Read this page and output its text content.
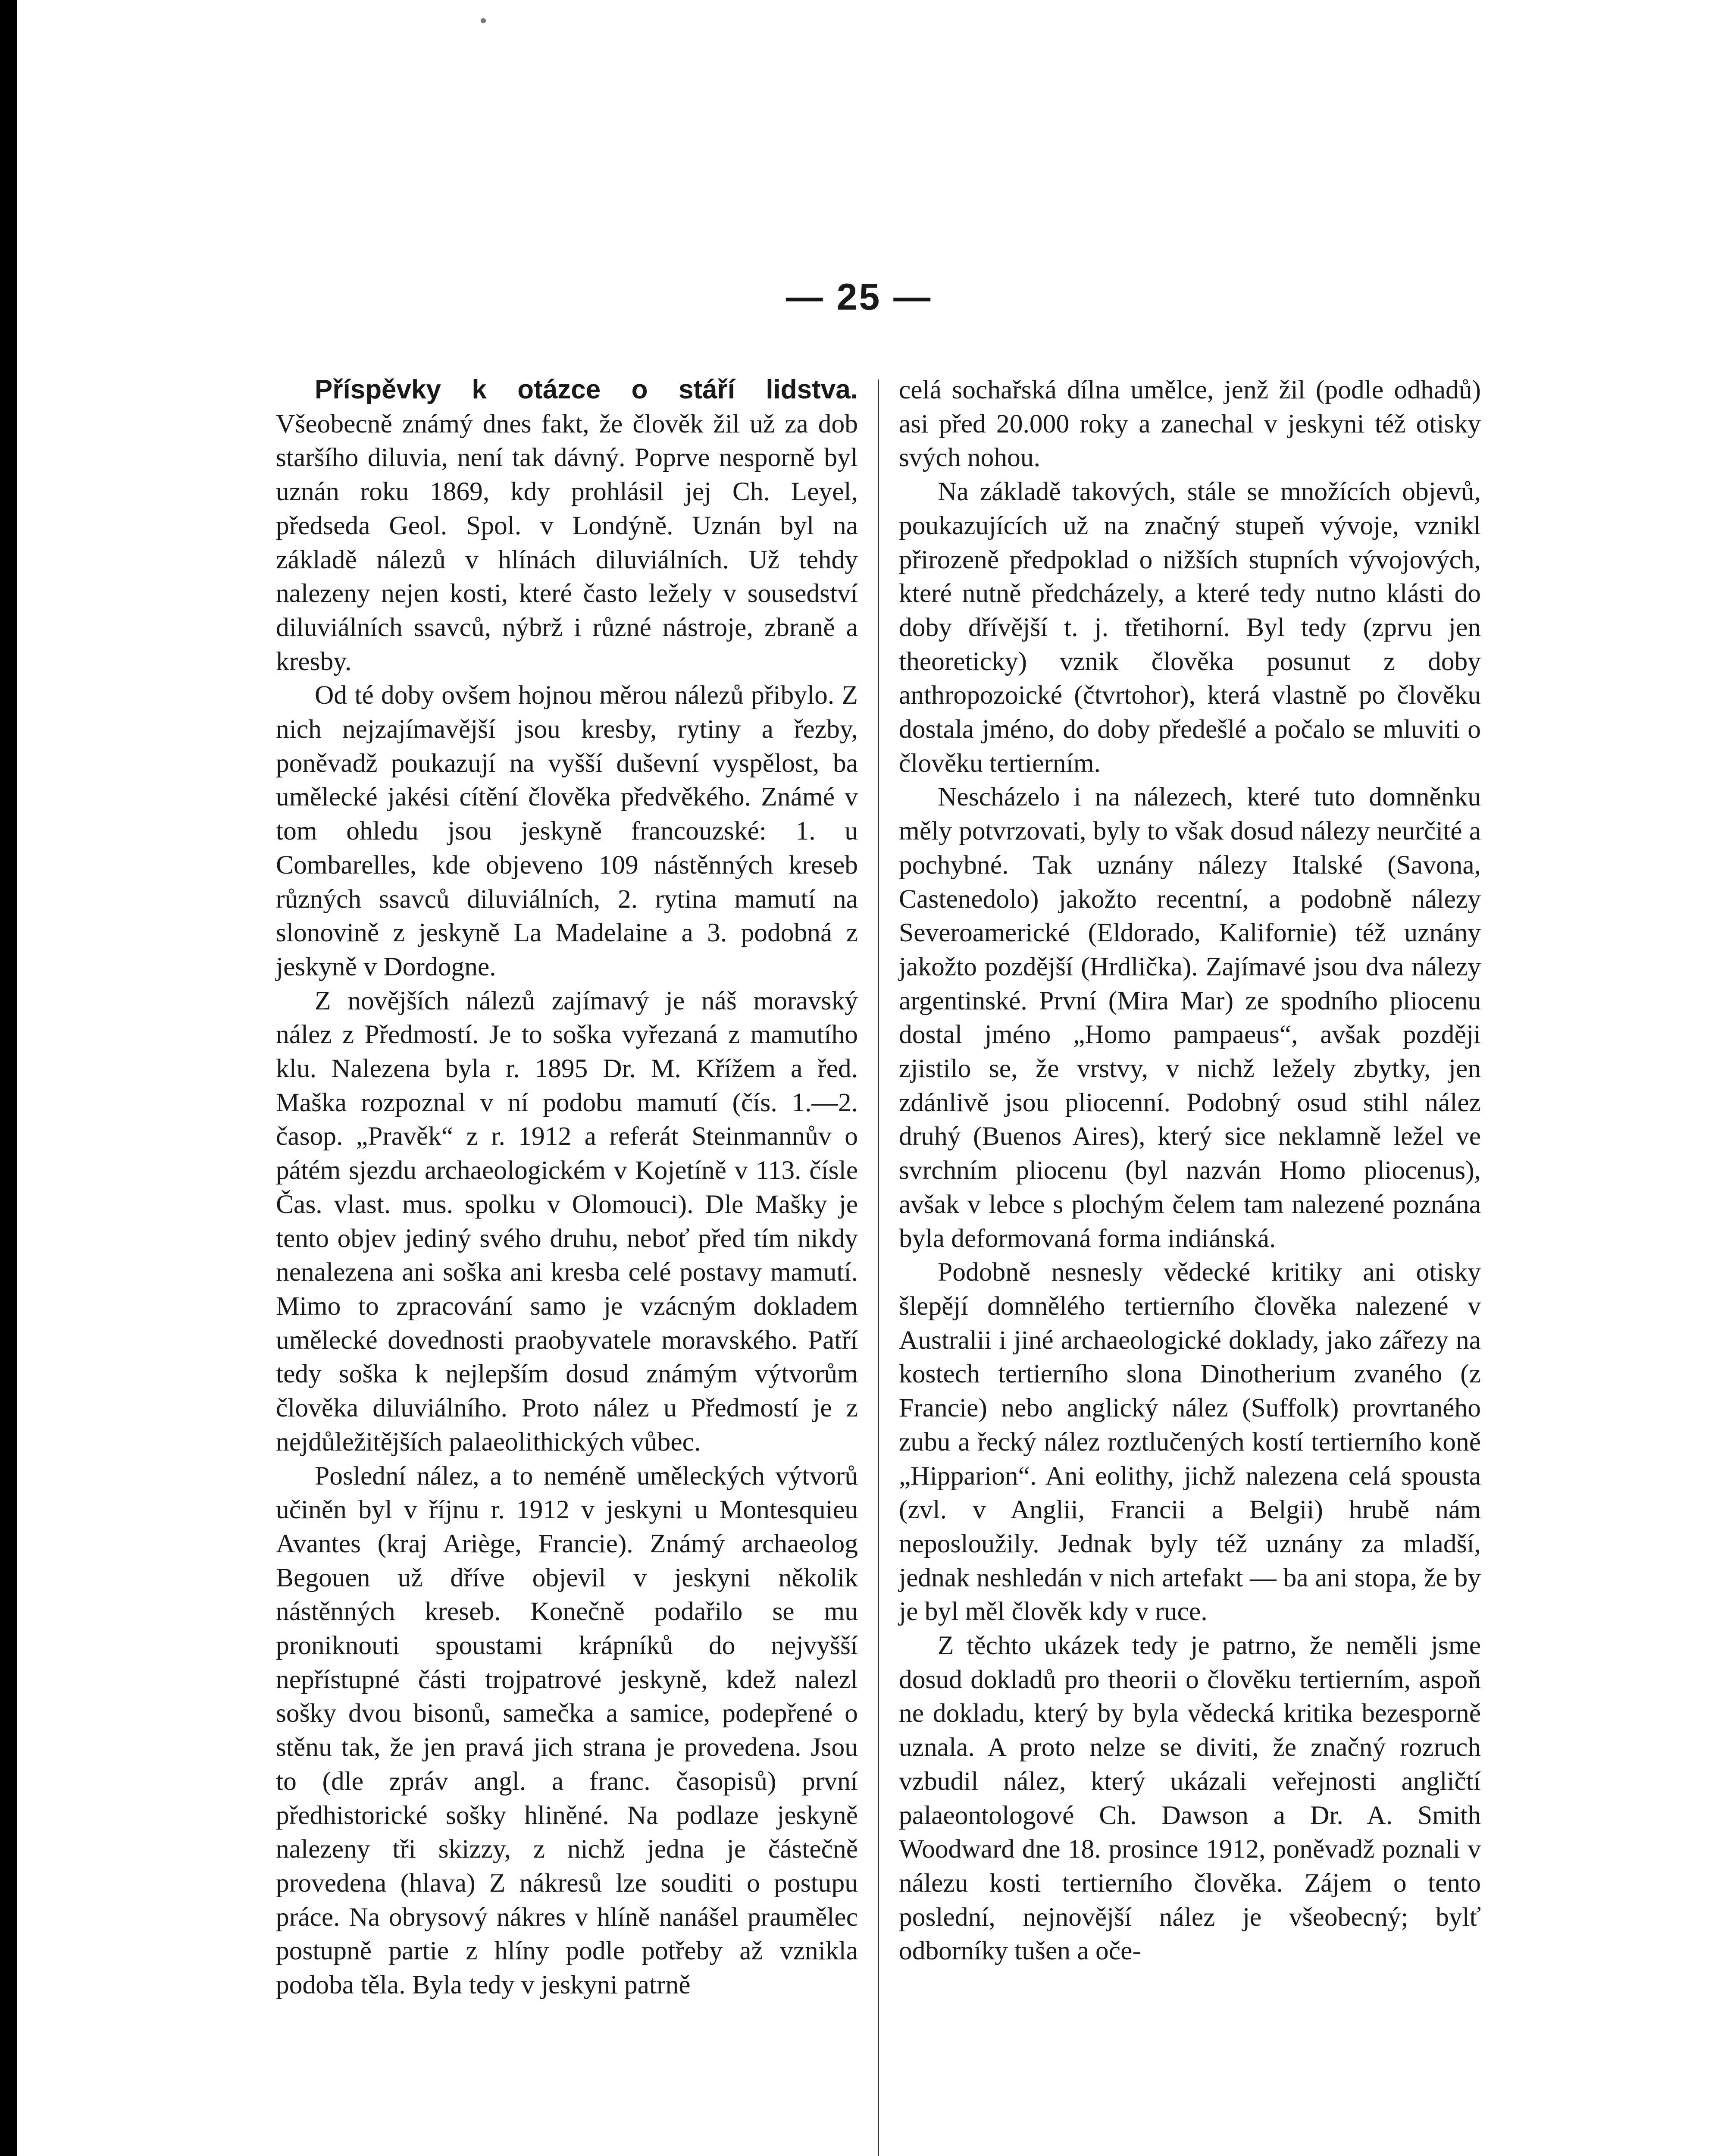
— 25 —

Příspěvky k otázce o stáří lidstva. Všeobecně známý dnes fakt, že člověk žil už za dob staršího diluvia, není tak dávný. Poprve nesporně byl uznán roku 1869, kdy prohlásil jej Ch. Leyel, předseda Geol. Spol. v Londýně. Uznán byl na základě nálezů v hlínách diluviálních. Už tehdy nalezeny nejen kosti, které často ležely v sousedství diluviálních ssavců, nýbrž i různé nástroje, zbraně a kresby.

Od té doby ovšem hojnou měrou nálezů přibylo. Z nich nejzajímavější jsou kresby, rytiny a řezby, poněvadž poukazují na vyšší duševní vyspělost, ba umělecké jakési cítění člověka předvěkého. Známé v tom ohledu jsou jeskyně francouzské: 1. u Combarelles, kde objeveno 109 nástěnných kreseb různých ssavců diluviálních, 2. rytina mamutí na slonovině z jeskyně La Madelaine a 3. podobná z jeskyně v Dordogne.

Z novějších nálezů zajímavý je náš moravský nález z Předmostí. Je to soška vyřezaná z mamutího klu. Nalezena byla r. 1895 Dr. M. Křížem a řed. Maška rozpoznal v ní podobu mamutí (čís. 1.—2. časop. „Pravěk“ z r. 1912 a referát Steinmannův o pátém sjezdu archaeologickém v Kojetíně v 113. čísle Čas. vlast. mus. spolku v Olomouci). Dle Mašky je tento objev jediný svého druhu, neboť před tím nikdy nenalezena ani soška ani kresba celé postavy mamutí. Mimo to zpracování samo je vzácným dokladem umělecké dovednosti praobyvatele moravského. Patří tedy soška k nejlepším dosud známým výtvorům člověka diluviálního. Proto nález u Předmostí je z nejdůležitějších palaeolithických vůbec.

Poslední nález, a to neméně uměleckých výtvorů učiněn byl v říjnu r. 1912 v jeskyni u Montesquieu Avantes (kraj Ariège, Francie). Známý archaeolog Begouen už dříve objevil v jeskyni několik nástěnných kreseb. Konečně podařilo se mu proniknouti spoustami krápníků do nejvyšší nepřístupné části trojpatrové jeskyně, kdež nalezl sošky dvou bisonů, samečka a samice, podepřené o stěnu tak, že jen pravá jich strana je provedena. Jsou to (dle zpráv angl. a franc. časopisů) první předhistorické sošky hliněné. Na podlaze jeskyně nalezeny tři skizzy, z nichž jedna je částečně provedena (hlava) Z nákresů lze souditi o postupu práce. Na obrysový nákres v hlíně nanášel praumělec postupně partie z hlíny podle potřeby až vznikla podoba těla. Byla tedy v jeskyni patrně

celá sochařská dílna umělce, jenž žil (podle odhadů) asi před 20.000 roky a zanechal v jeskyni též otisky svých nohou.

Na základě takových, stále se množících objevů, poukazujících už na značný stupeň vývoje, vznikl přirozeně předpoklad o nižších stupních vývojových, které nutně předcházely, a které tedy nutno klásti do doby dřívější t. j. třetihorní. Byl tedy (zprvu jen theoreticky) vznik člověka posunut z doby anthropozoické (čtvrtohor), která vlastně po člověku dostala jméno, do doby předešlé a počalo se mluviti o člověku tertierním.

Nescházelo i na nálezech, které tuto domněnku měly potvrzovati, byly to však dosud nálezy neurčité a pochybné. Tak uznány nálezy Italské (Savona, Castenedolo) jakožto recentní, a podobně nálezy Severoamerické (Eldorado, Kalifornie) též uznány jakožto pozdější (Hrdlička). Zajímavé jsou dva nálezy argentinské. První (Mira Mar) ze spodního pliocenu dostal jméno „Homo pampaeus“, avšak později zjistilo se, že vrstvy, v nichž ležely zbytky, jen zdánlivě jsou pliocenní. Podobný osud stihl nález druhý (Buenos Aires), který sice neklamně ležel ve svrchním pliocenu (byl nazván Homo pliocenus), avšak v lebce s plochým čelem tam nalezené poznána byla deformovaná forma indiánská.

Podobně nesnesly vědecké kritiky ani otisky šlepějí domnělého tertierního člověka nalezené v Australii i jiné archaeologické doklady, jako zářezy na kostech tertierního slona Dinotherium zvaného (z Francie) nebo anglický nález (Suffolk) provrtaného zubu a řecký nález roztlučených kostí tertierního koně „Hipparion“. Ani eolithy, jichž nalezena celá spousta (zvl. v Anglii, Francii a Belgii) hrubě nám neposloužily. Jednak byly též uznány za mladší, jednak neshledán v nich artefakt — ba ani stopa, že by je byl měl člověk kdy v ruce.

Z těchto ukázek tedy je patrno, že neměli jsme dosud dokladů pro theorii o člověku tertierním, aspoň ne dokladu, který by byla vědecká kritika bezesporně uznala. A proto nelze se diviti, že značný rozruch vzbudil nález, který ukázali veřejnosti angličtí palaeontologové Ch. Dawson a Dr. A. Smith Woodward dne 18. prosince 1912, poněvadž poznali v nálezu kosti tertierního člověka. Zájem o tento poslední, nejnovější nález je všeobecný; bylť odborníky tušen a oče-
